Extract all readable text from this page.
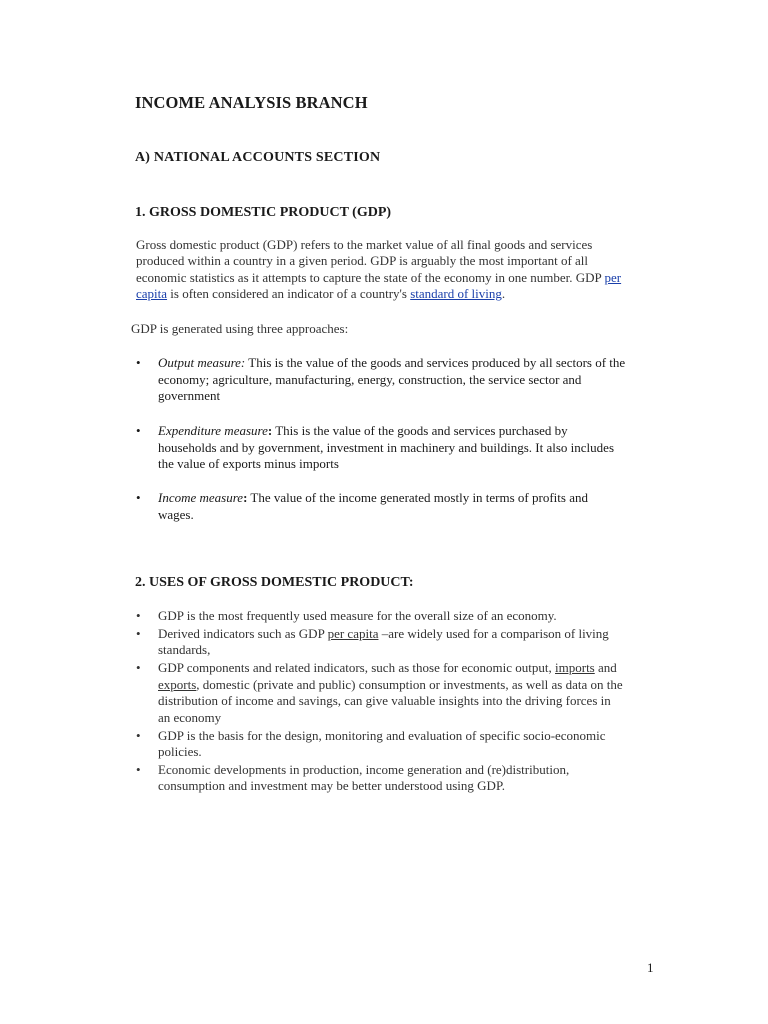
INCOME ANALYSIS BRANCH
A) NATIONAL ACCOUNTS SECTION
1. GROSS DOMESTIC PRODUCT (GDP)
Gross domestic product (GDP) refers to the market value of all final goods and services
produced within a country in a given period. GDP is arguably the most important of all
economic statistics as it attempts to capture the state of the economy in one number. GDP per
capita is often considered an indicator of a country's standard of living.
GDP is generated using three approaches:
• Output measure: This is the value of the goods and services produced by all sectors of the
economy; agriculture, manufacturing, energy, construction, the service sector and
government
• Expenditure measure: This is the value of the goods and services purchased by
households and by government, investment in machinery and buildings. It also includes
the value of exports minus imports
• Income measure: The value of the income generated mostly in terms of profits and
wages.
2. USES OF GROSS DOMESTIC PRODUCT:
• GDP is the most frequently used measure for the overall size of an economy.
• Derived indicators such as GDP per capita –are widely used for a comparison of living
standards,
• GDP components and related indicators, such as those for economic output, imports and
exports, domestic (private and public) consumption or investments, as well as data on the
distribution of income and savings, can give valuable insights into the driving forces in
an economy
• GDP is the basis for the design, monitoring and evaluation of specific socio-economic
policies.
• Economic developments in production, income generation and (re)distribution,
consumption and investment may be better understood using GDP.
1
